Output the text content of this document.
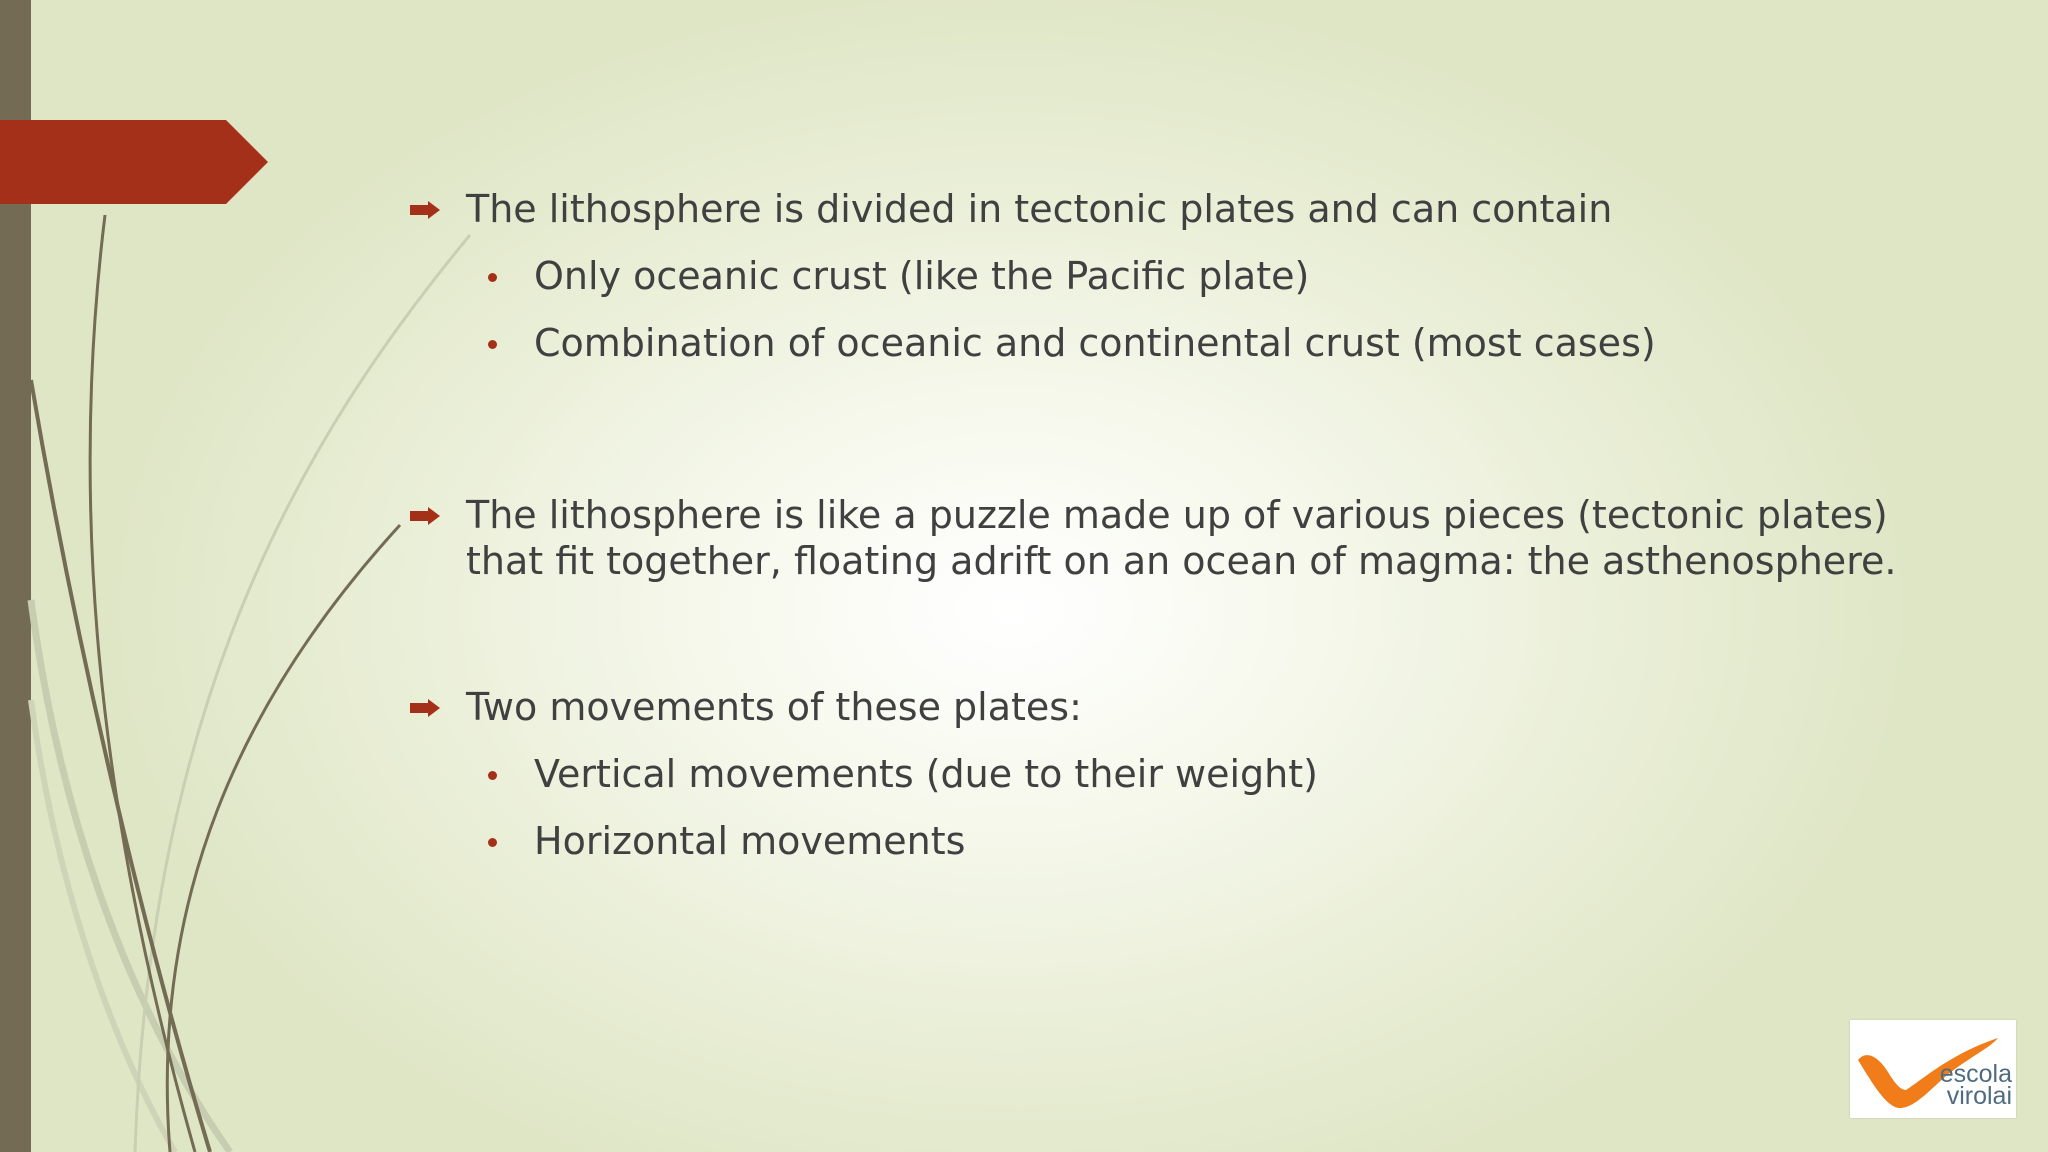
The lithosphere is divided in tectonic plates and can contain
Only oceanic crust (like the Pacific plate)
Combination of oceanic and continental crust (most cases)
The lithosphere is like a puzzle made up of various pieces (tectonic plates)
that fit together, floating adrift on an ocean of magma: the asthenosphere.
Two movements of these plates:
Vertical movements (due to their weight)
Horizontal movements
escola
virolai
